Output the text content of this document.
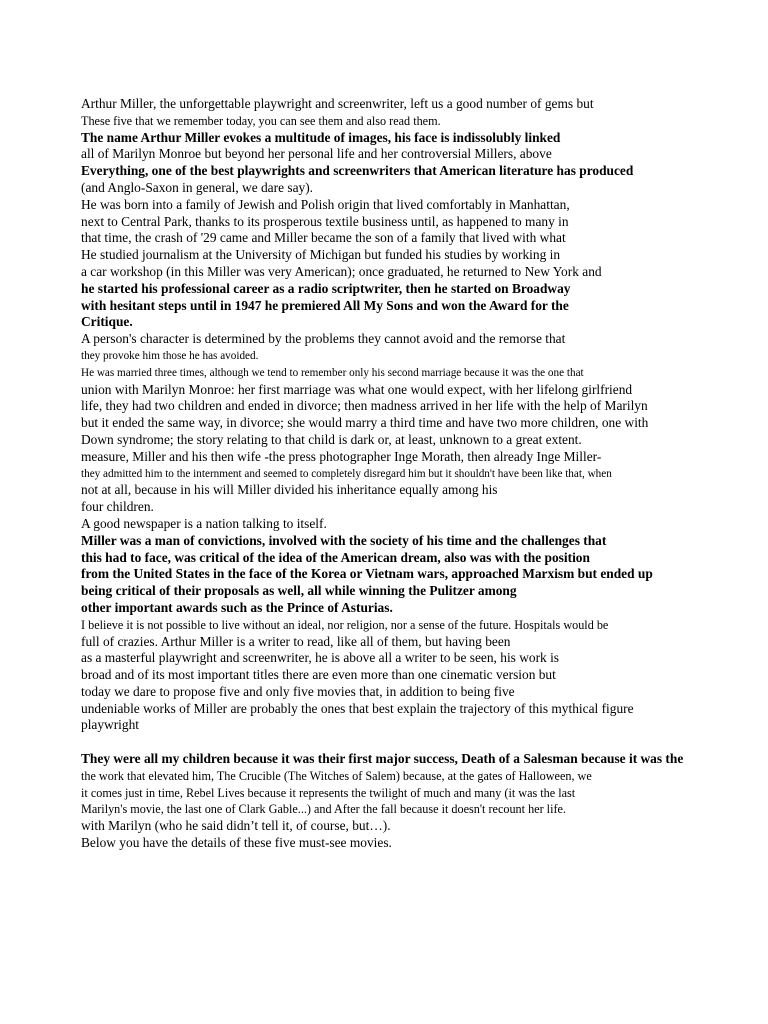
Arthur Miller, the unforgettable playwright and screenwriter, left us a good number of gems but
These five that we remember today, you can see them and also read them.
The name Arthur Miller evokes a multitude of images, his face is indissolubly linked
all of Marilyn Monroe but beyond her personal life and her controversial Millers, above
Everything, one of the best playwrights and screenwriters that American literature has produced
(and Anglo-Saxon in general, we dare say).
He was born into a family of Jewish and Polish origin that lived comfortably in Manhattan,
next to Central Park, thanks to its prosperous textile business until, as happened to many in
that time, the crash of '29 came and Miller became the son of a family that lived with what
He studied journalism at the University of Michigan but funded his studies by working in
a car workshop (in this Miller was very American); once graduated, he returned to New York and
he started his professional career as a radio scriptwriter, then he started on Broadway
with hesitant steps until in 1947 he premiered All My Sons and won the Award for the
Critique.
A person's character is determined by the problems they cannot avoid and the remorse that
they provoke him those he has avoided.
He was married three times, although we tend to remember only his second marriage because it was the one that
union with Marilyn Monroe: her first marriage was what one would expect, with her lifelong girlfriend
life, they had two children and ended in divorce; then madness arrived in her life with the help of Marilyn
but it ended the same way, in divorce; she would marry a third time and have two more children, one with
Down syndrome; the story relating to that child is dark or, at least, unknown to a great extent.
measure, Miller and his then wife -the press photographer Inge Morath, then already Inge Miller-
they admitted him to the internment and seemed to completely disregard him but it shouldn't have been like that, when
not at all, because in his will Miller divided his inheritance equally among his
four children.
A good newspaper is a nation talking to itself.
Miller was a man of convictions, involved with the society of his time and the challenges that
this had to face, was critical of the idea of the American dream, also was with the position
from the United States in the face of the Korea or Vietnam wars, approached Marxism but ended up
being critical of their proposals as well, all while winning the Pulitzer among
other important awards such as the Prince of Asturias.
I believe it is not possible to live without an ideal, nor religion, nor a sense of the future. Hospitals would be
full of crazies. Arthur Miller is a writer to read, like all of them, but having been
as a masterful playwright and screenwriter, he is above all a writer to be seen, his work is
broad and of its most important titles there are even more than one cinematic version but
today we dare to propose five and only five movies that, in addition to being five
undeniable works of Miller are probably the ones that best explain the trajectory of this mythical figure
playwright
They were all my children because it was their first major success, Death of a Salesman because it was the
the work that elevated him, The Crucible (The Witches of Salem) because, at the gates of Halloween, we
it comes just in time, Rebel Lives because it represents the twilight of much and many (it was the last
Marilyn's movie, the last one of Clark Gable...) and After the fall because it doesn't recount her life.
with Marilyn (who he said didn’t tell it, of course, but…).
Below you have the details of these five must-see movies.
